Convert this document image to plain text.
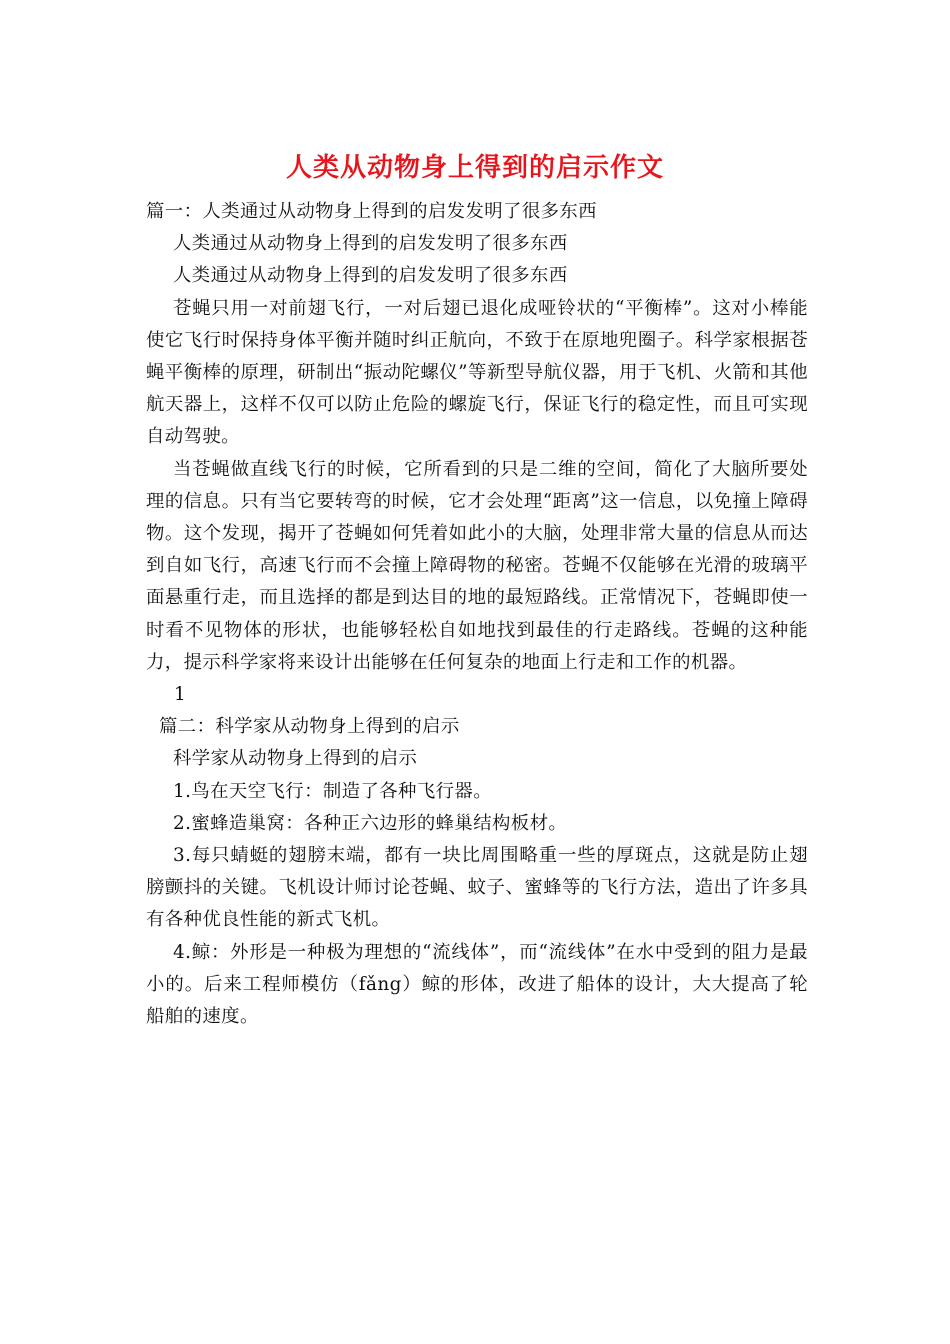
人类从动物身上得到的启示作文

篇一：人类通过从动物身上得到的启发发明了很多东西

人类通过从动物身上得到的启发发明了很多东西

人类通过从动物身上得到的启发发明了很多东西

苍蝇只用一对前翅飞行，一对后翅已退化成哑铃状的“平衡棒”。这对小棒能使它飞行时保持身体平衡并随时纠正航向，不致于在原地兜圈子。科学家根据苍蝇平衡棒的原理，研制出“振动陀螺仪”等新型导航仪器，用于飞机、火箭和其他航天器上，这样不仅可以防止危险的螺旋飞行，保证飞行的稳定性，而且可实现自动驾驶。

当苍蝇做直线飞行的时候，它所看到的只是二维的空间，简化了大脑所要处理的信息。只有当它要转弯的时候，它才会处理“距离”这一信息，以免撞上障碍物。这个发现，揭开了苍蝇如何凭着如此小的大脑，处理非常大量的信息从而达到自如飞行，高速飞行而不会撞上障碍物的秘密。苍蝇不仅能够在光滑的玻璃平面悬重行走，而且选择的都是到达目的地的最短路线。正常情况下，苍蝇即使一时看不见物体的形状，也能够轻松自如地找到最佳的行走路线。苍蝇的这种能力，提示科学家将来设计出能够在任何复杂的地面上行走和工作的机器。

1

篇二：科学家从动物身上得到的启示

科学家从动物身上得到的启示

1.鸟在天空飞行：制造了各种飞行器。

2.蜜蜂造巢窝：各种正六边形的蜂巢结构板材。

3.每只蜻蜓的翅膀末端，都有一块比周围略重一些的厚斑点，这就是防止翅膀颤抖的关键。飞机设计师讨论苍蝇、蚊子、蜜蜂等的飞行方法，造出了许多具有各种优良性能的新式飞机。

4.鲸：外形是一种极为理想的“流线体”，而“流线体”在水中受到的阻力是最小的。后来工程师模仿（fǎng）鲸的形体，改进了船体的设计，大大提高了轮船舶的速度。
